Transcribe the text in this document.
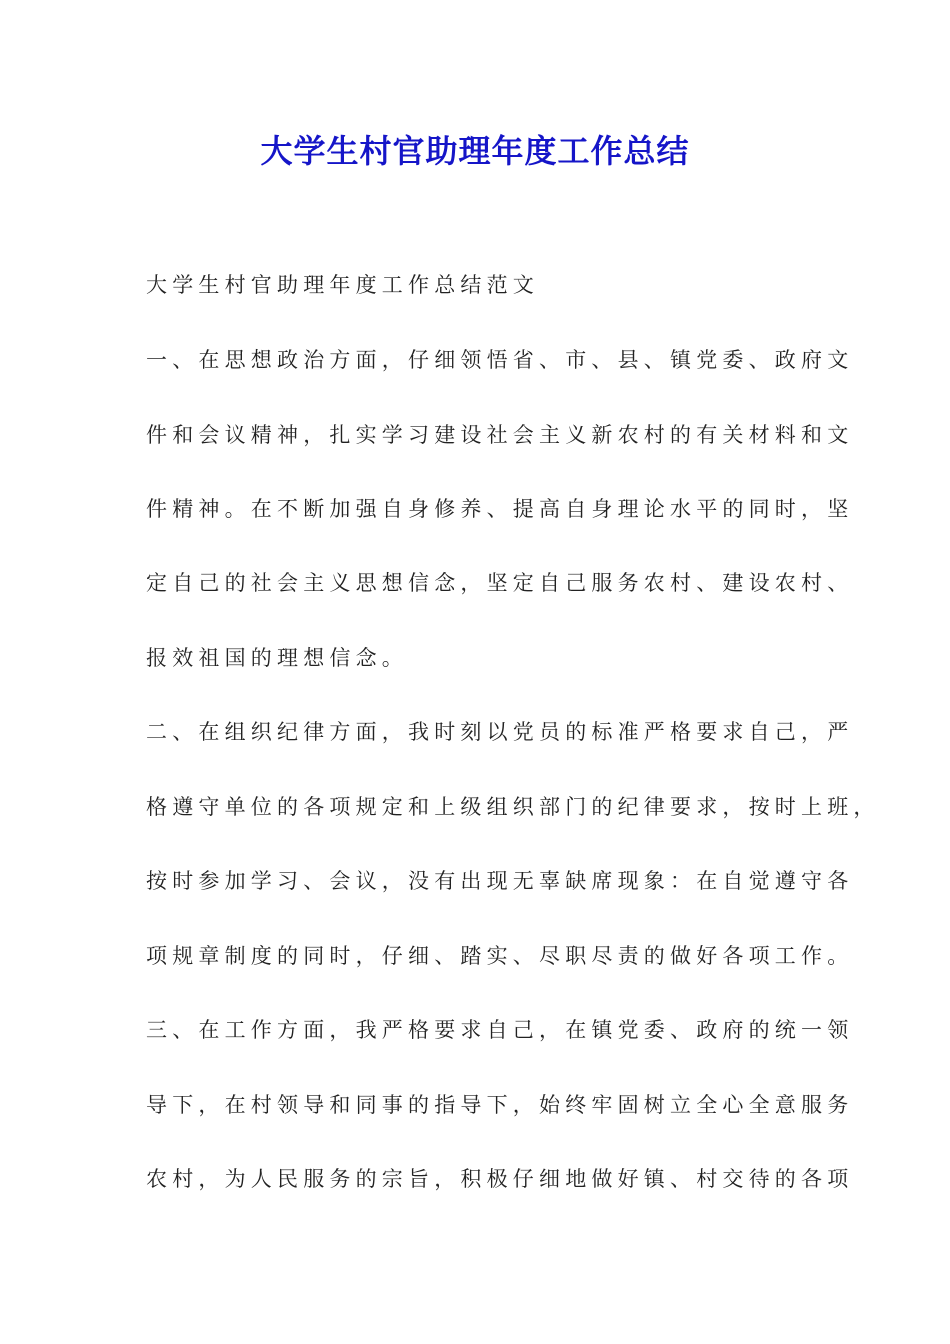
大学生村官助理年度工作总结
大学生村官助理年度工作总结范文
一、在思想政治方面，仔细领悟省、市、县、镇党委、政府文
件和会议精神，扎实学习建设社会主义新农村的有关材料和文
件精神。在不断加强自身修养、提高自身理论水平的同时，坚
定自己的社会主义思想信念，坚定自己服务农村、建设农村、
报效祖国的理想信念。
二、在组织纪律方面，我时刻以党员的标准严格要求自己，严
格遵守单位的各项规定和上级组织部门的纪律要求，按时上班，
按时参加学习、会议，没有出现无辜缺席现象：在自觉遵守各
项规章制度的同时，仔细、踏实、尽职尽责的做好各项工作。
三、在工作方面，我严格要求自己，在镇党委、政府的统一领
导下，在村领导和同事的指导下，始终牢固树立全心全意服务
农村，为人民服务的宗旨，积极仔细地做好镇、村交待的各项
